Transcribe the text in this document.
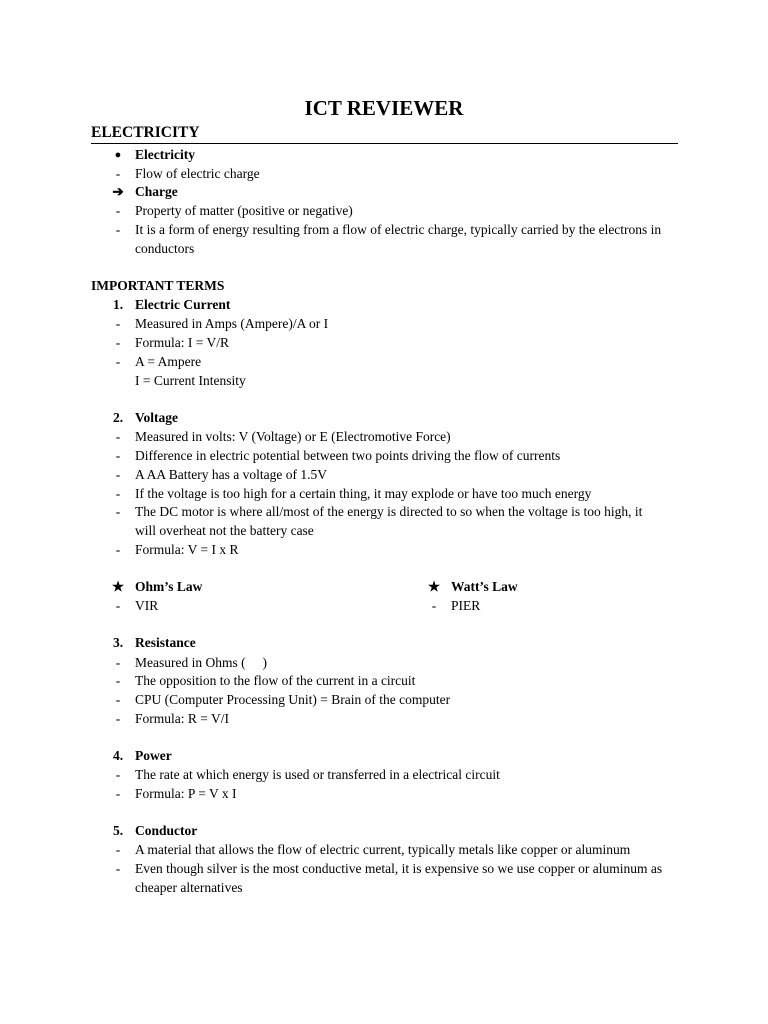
ICT REVIEWER
ELECTRICITY
●	Electricity
-	Flow of electric charge
➔ Charge
-	Property of matter (positive or negative)
-	It is a form of energy resulting from a flow of electric charge, typically carried by the electrons in
conductors
IMPORTANT TERMS
1. Electric Current
-	Measured in Amps (Ampere)/A or I
-	Formula: I = V/R
-	A = Ampere
I = Current Intensity
2. Voltage
-	Measured in volts: V (Voltage) or E (Electromotive Force)
-	Difference in electric potential between two points driving the flow of currents
-	A AA Battery has a voltage of 1.5V
-	If the voltage is too high for a certain thing, it may explode or have too much energy
-	The DC motor is where all/most of the energy is directed to so when the voltage is too high, it
will overheat not the battery case
-	Formula: V = I x R
★ Ohm’s Law
-	VIR
★ Watt’s Law
-	PIER
3. Resistance
-	Measured in Ohms (     )
-	The opposition to the flow of the current in a circuit
-	CPU (Computer Processing Unit) = Brain of the computer
-	Formula: R = V/I
4. Power
-	The rate at which energy is used or transferred in a electrical circuit
-	Formula: P = V x I
5. Conductor
-	A material that allows the flow of electric current, typically metals like copper or aluminum
-	Even though silver is the most conductive metal, it is expensive so we use copper or aluminum as
cheaper alternatives
